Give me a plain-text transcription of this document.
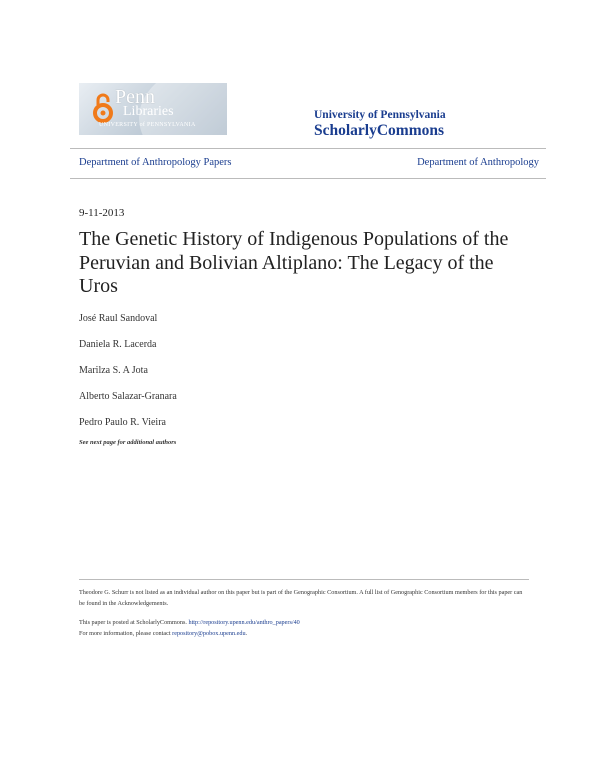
Penn
Libraries
UNIVERSITY of PENNSYLVANIA
University of Pennsylvania
ScholarlyCommons
Department of Anthropology Papers	Department of Anthropology
9-11-2013
The Genetic History of Indigenous Populations of the Peruvian and Bolivian Altiplano: The Legacy of the Uros
José Raul Sandoval
Daniela R. Lacerda
Marilza S. A Jota
Alberto Salazar-Granara
Pedro Paulo R. Vieira
See next page for additional authors
Theodore G. Schurr is not listed as an individual author on this paper but is part of the Genographic Consortium. A full list of Genographic Consortium members for this paper can be found in the Acknowledgements.
This paper is posted at ScholarlyCommons. http://repository.upenn.edu/anthro_papers/40
For more information, please contact repository@pobox.upenn.edu.
